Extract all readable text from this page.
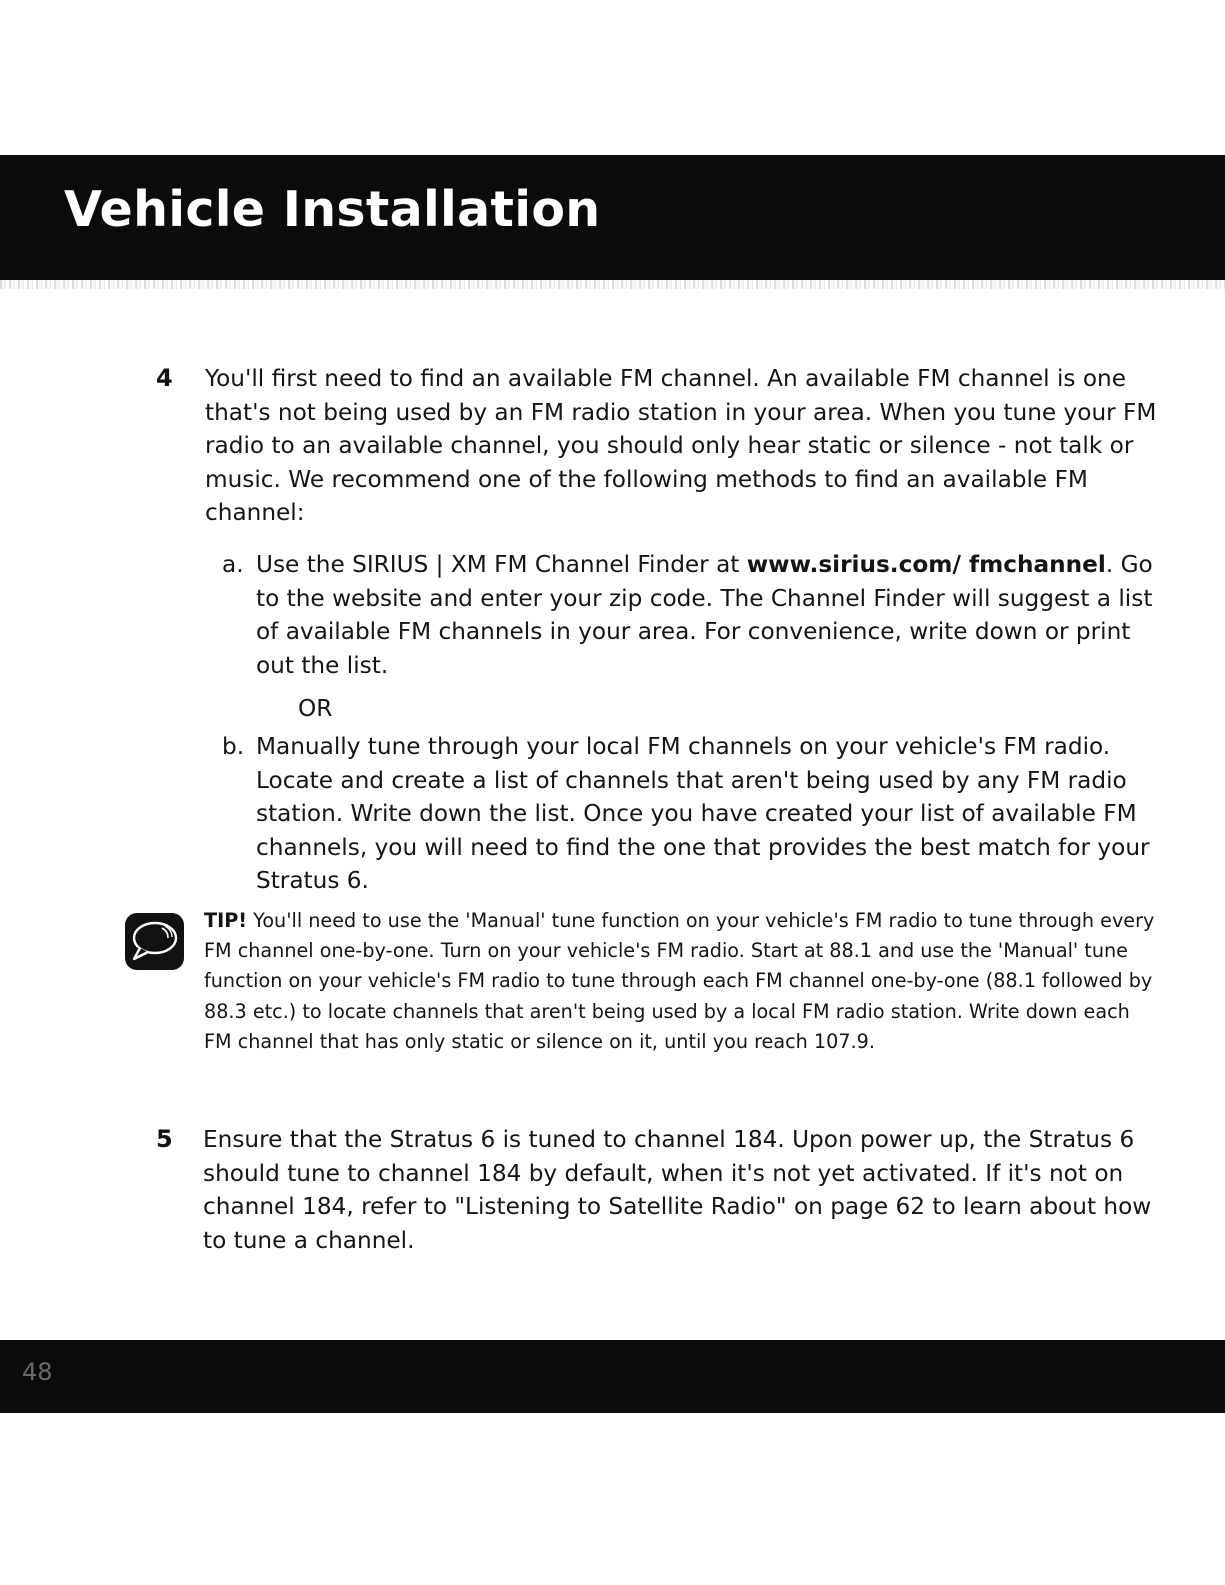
Vehicle Installation
4 You'll first need to find an available FM channel. An available FM channel is one that's not being used by an FM radio station in your area. When you tune your FM radio to an available channel, you should only hear static or silence - not talk or music. We recommend one of the following methods to find an available FM channel:

a. Use the SIRIUS | XM FM Channel Finder at www.sirius.com/ fmchannel. Go to the website and enter your zip code. The Channel Finder will suggest a list of available FM channels in your area. For convenience, write down or print out the list.
OR
b. Manually tune through your local FM channels on your vehicle's FM radio. Locate and create a list of channels that aren't being used by any FM radio station. Write down the list. Once you have created your list of available FM channels, you will need to find the one that provides the best match for your Stratus 6.

TIP! You'll need to use the 'Manual' tune function on your vehicle's FM radio to tune through every FM channel one-by-one. Turn on your vehicle's FM radio. Start at 88.1 and use the 'Manual' tune function on your vehicle's FM radio to tune through each FM channel one-by-one (88.1 followed by 88.3 etc.) to locate channels that aren't being used by a local FM radio station. Write down each FM channel that has only static or silence on it, until you reach 107.9.

5 Ensure that the Stratus 6 is tuned to channel 184. Upon power up, the Stratus 6 should tune to channel 184 by default, when it's not yet activated. If it's not on channel 184, refer to "Listening to Satellite Radio" on page 62 to learn about how to tune a channel.

48
